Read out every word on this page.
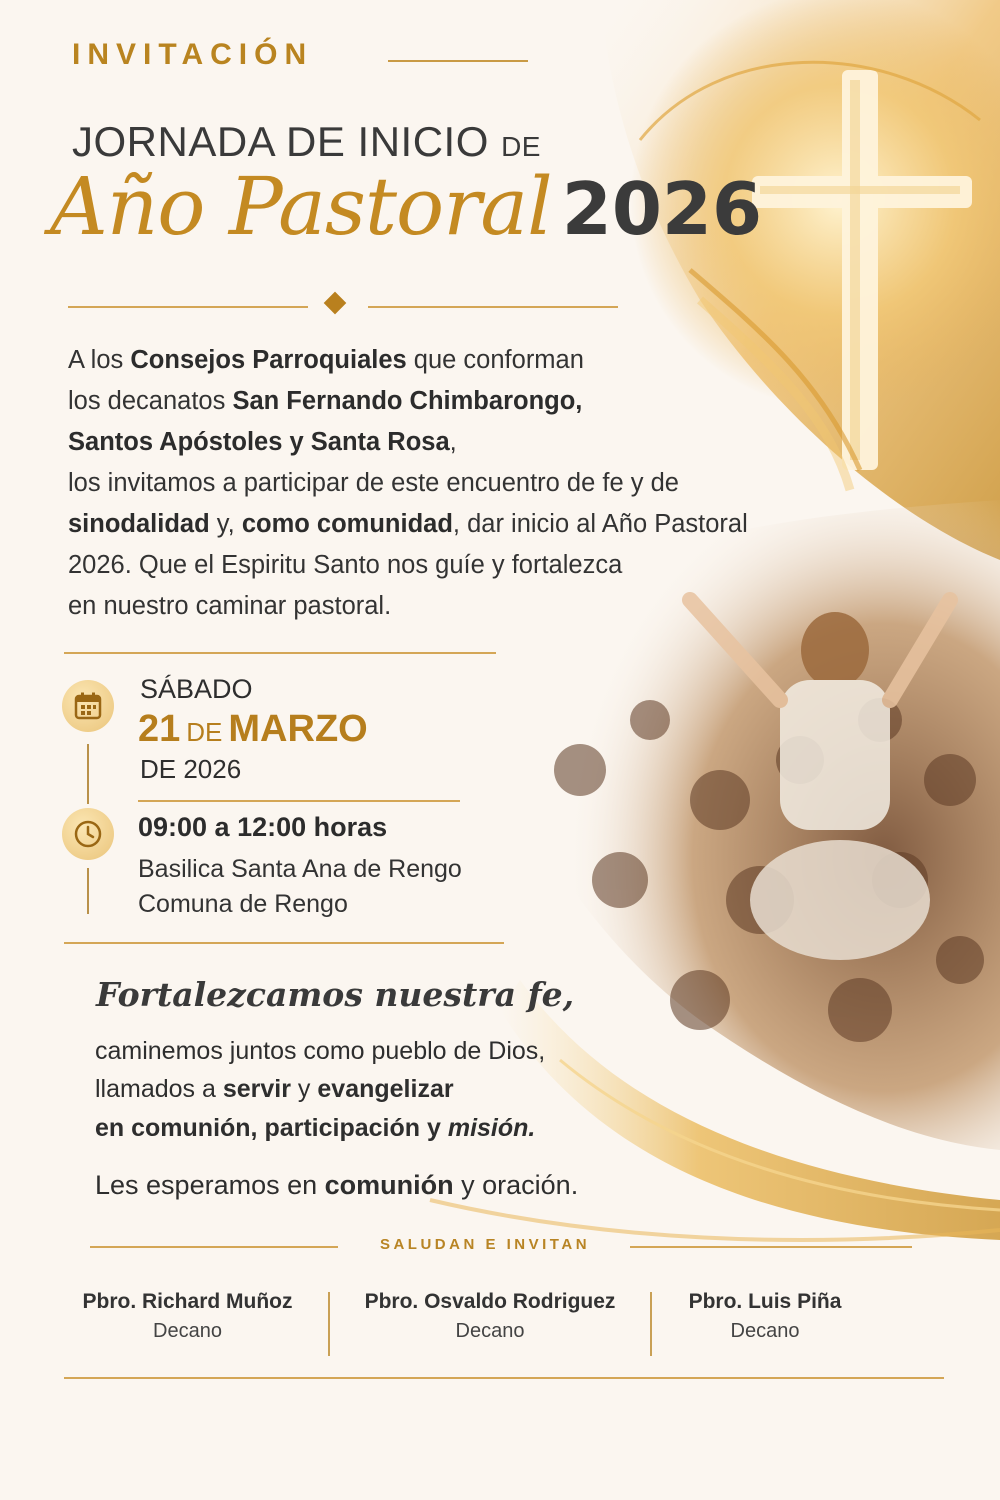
INVITACIÓN
JORNADA DE INICIO DE
Año Pastoral 2026
A los Consejos Parroquiales que conforman
los decanatos San Fernando Chimbarongo,
Santos Apóstoles y Santa Rosa,
los invitamos a participar de este encuentro de fe y de
sinodalidad y, como comunidad, dar inicio al Año Pastoral
2026. Que el Espiritu Santo nos guíe y fortalezca
en nuestro caminar pastoral.
SÁBADO
21 DE MARZO
DE 2026
09:00 a 12:00 horas
Basilica Santa Ana de Rengo
Comuna de Rengo
Fortalezcamos nuestra fe,
caminemos juntos como pueblo de Dios,
llamados a servir y evangelizar
en comunión, participación y misión.
Les esperamos en comunión y oración.
SALUDAN E INVITAN
Pbro. Richard Muñoz
Decano
Pbro. Osvaldo Rodriguez
Decano
Pbro. Luis Piña
Decano
